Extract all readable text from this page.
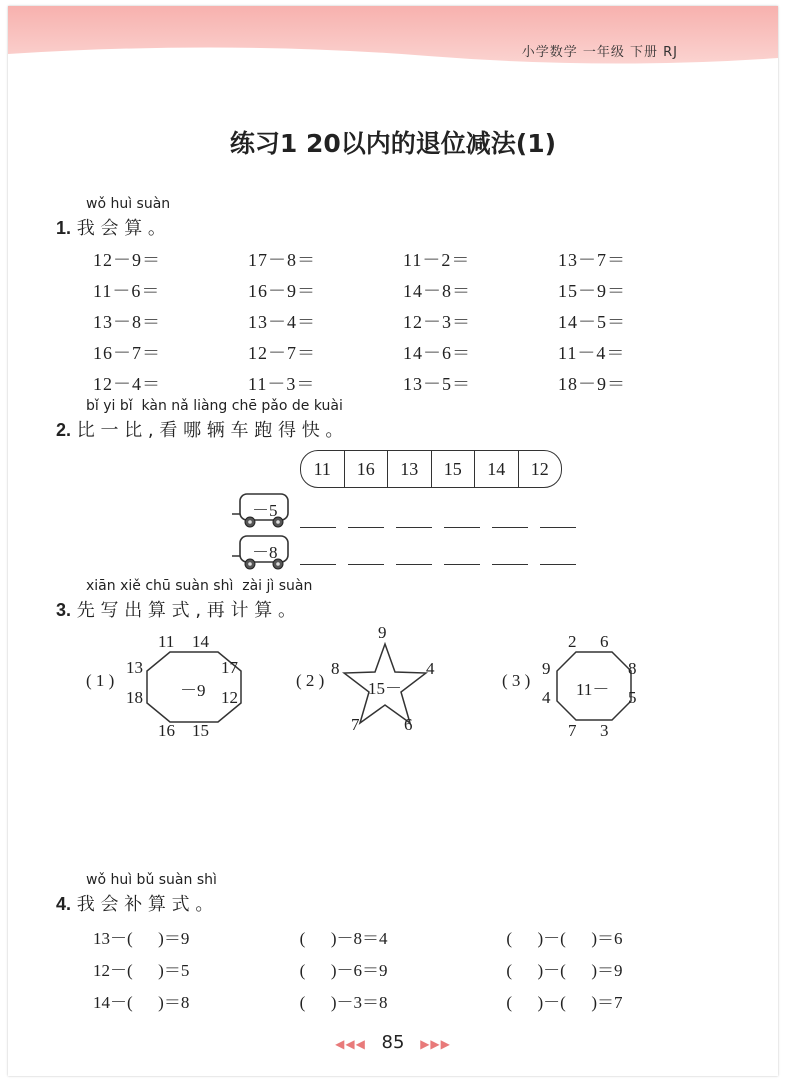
小学数学 一年级 下册 RJ
练习1 20以内的退位减法(1)
wǒ huì suàn
1. 我 会 算 。
12－9＝	17－8＝	11－2＝	13－7＝
11－6＝	16－9＝	14－8＝	15－9＝
13－8＝	13－4＝	12－3＝	14－5＝
16－7＝	12－7＝	14－6＝	11－4＝
12－4＝	11－3＝	13－5＝	18－9＝
bǐ yi bǐ  kàn nǎ liàng chē pǎo de kuài
2. 比 一 比 , 看 哪 辆 车 跑 得 快 。
11	16	13	15	14	12
－5
－8
xiān xiě chū suàn shì  zài jì suàn
3. 先 写 出 算 式 , 再 计 算 。
( 1 )
－9
11 14
13	17
18	12
16 15
( 2 )	15－
9
8	4
7	6
( 3 )	11－
2 6
9	8
4	5
7 3
wǒ huì bǔ suàn shì
4. 我 会 补 算 式 。
13－(      )＝9	(      )－8＝4	(      )－(      )＝6
12－(      )＝5	(      )－6＝9	(      )－(      )＝9
14－(      )＝8	(      )－3＝8	(      )－(      )＝7
◀◀◀ 85 ▶▶▶
